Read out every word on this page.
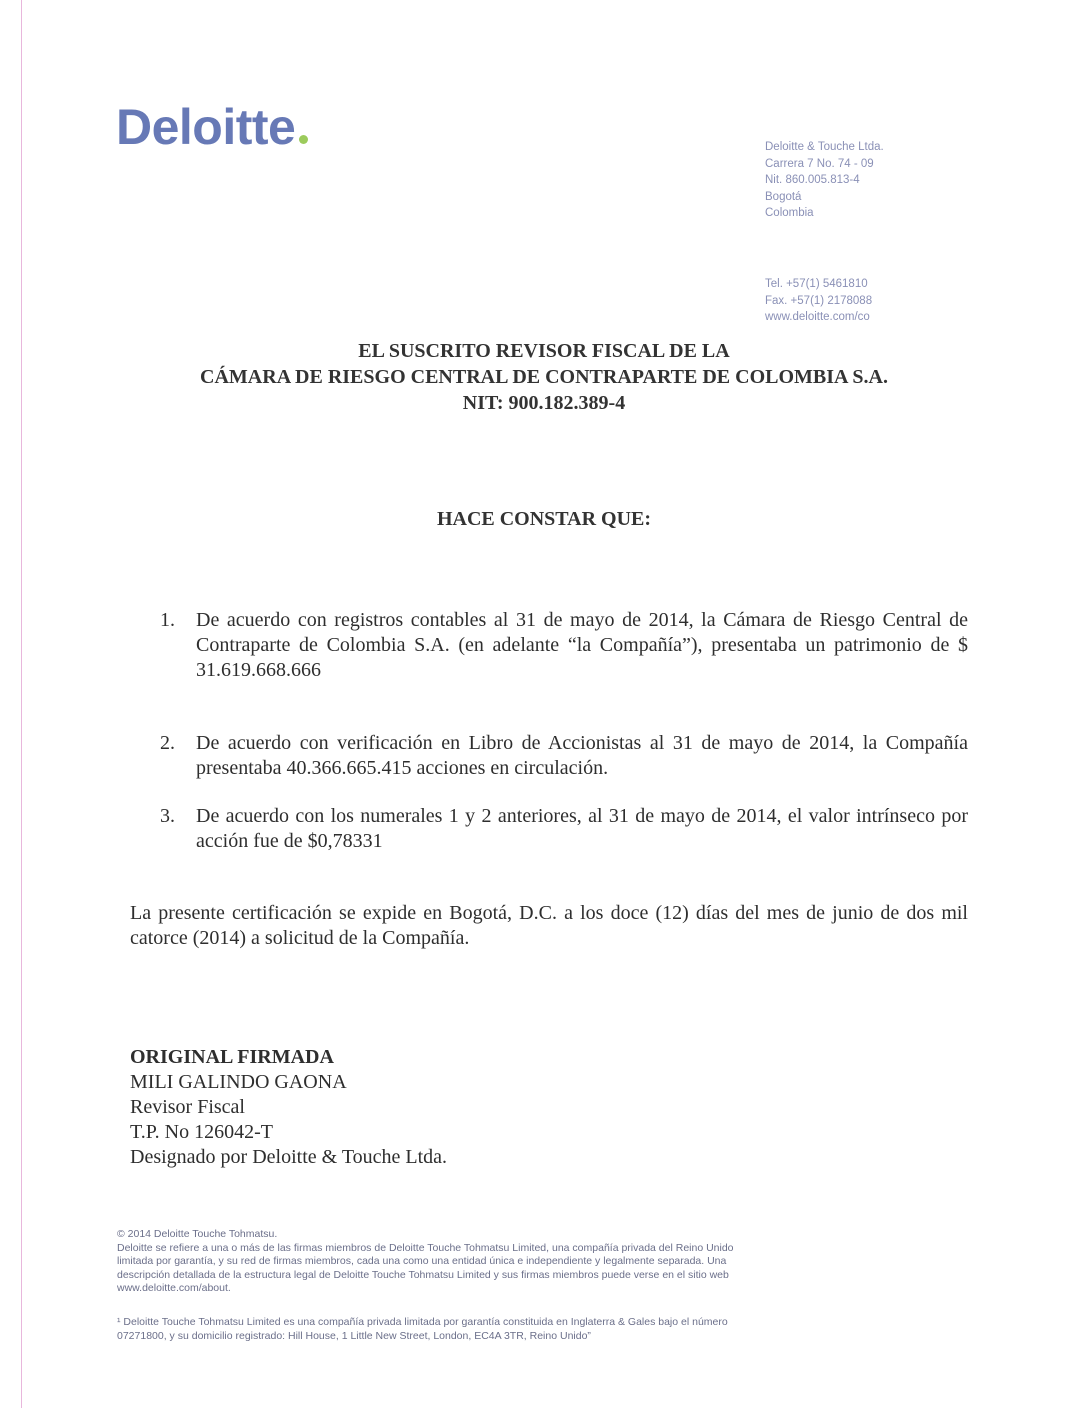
Deloitte	Deloitte & Touche Ltda.
Carrera 7 No. 74 - 09
Nit. 860.005.813-4
Bogotá
Colombia
Tel. +57(1) 5461810
Fax. +57(1) 2178088
www.deloitte.com/co
EL SUSCRITO REVISOR FISCAL DE LA
CÁMARA DE RIESGO CENTRAL DE CONTRAPARTE DE COLOMBIA S.A.
NIT: 900.182.389-4
HACE CONSTAR QUE:
1.	De acuerdo con registros contables al 31 de mayo de 2014, la Cámara de Riesgo Central de Contraparte de Colombia S.A. (en adelante “la Compañía”), presentaba un patrimonio de $ 31.619.668.666
2.	De acuerdo con verificación en Libro de Accionistas al 31 de mayo de 2014, la Compañía presentaba 40.366.665.415 acciones en circulación.
3.	De acuerdo con los numerales 1 y 2 anteriores, al 31 de mayo de 2014, el valor intrínseco por acción fue de $0,78331
La presente certificación se expide en Bogotá, D.C. a los doce (12) días del mes de junio de dos mil catorce (2014) a solicitud de la Compañía.
ORIGINAL FIRMADA
MILI GALINDO GAONA
Revisor Fiscal
T.P. No 126042-T
Designado por Deloitte & Touche Ltda.
© 2014 Deloitte Touche Tohmatsu.
Deloitte se refiere a una o más de las firmas miembros de Deloitte Touche Tohmatsu Limited, una compañía privada del Reino Unido limitada por garantía, y su red de firmas miembros, cada una como una entidad única e independiente y legalmente separada. Una descripción detallada de la estructura legal de Deloitte Touche Tohmatsu Limited y sus firmas miembros puede verse en el sitio web www.deloitte.com/about.
¹ Deloitte Touche Tohmatsu Limited es una compañía privada limitada por garantía constituida en Inglaterra & Gales bajo el número 07271800, y su domicilio registrado: Hill House, 1 Little New Street, London, EC4A 3TR, Reino Unido”
